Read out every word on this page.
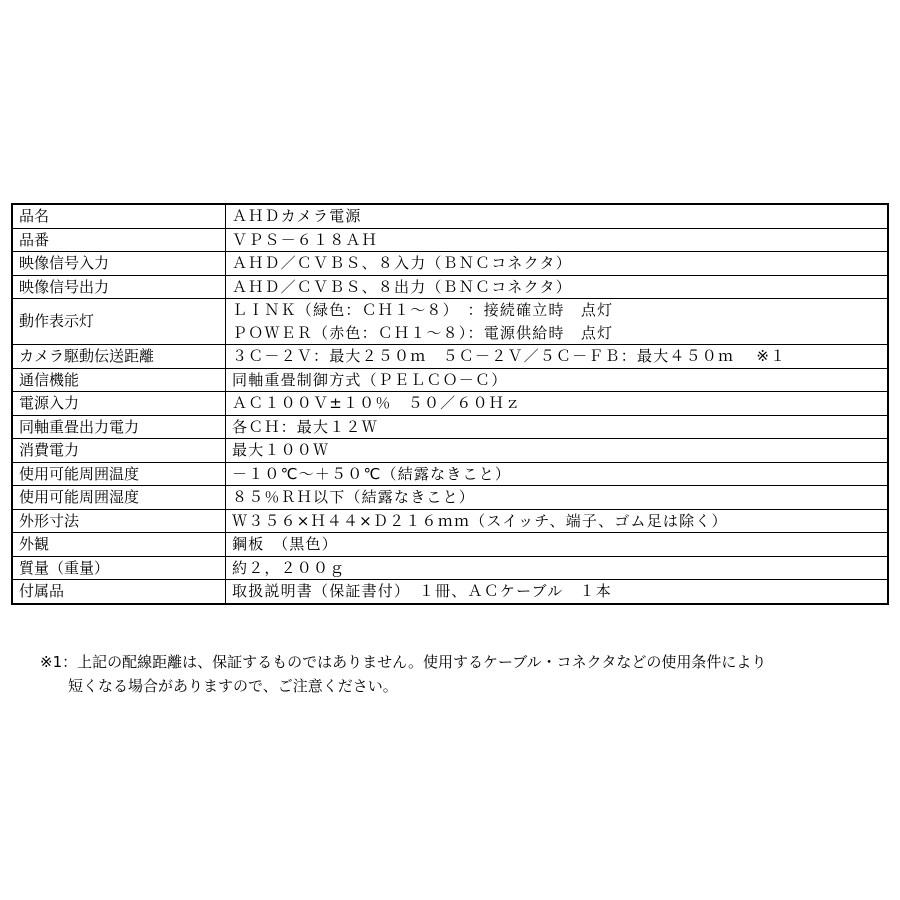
品名	ＡＨＤカメラ電源

品番	ＶＰＳ－６１８ＡＨ

映像信号入力	ＡＨＤ／ＣＶＢＳ、８入力（ＢＮＣコネクタ）

映像信号出力	ＡＨＤ／ＣＶＢＳ、８出力（ＢＮＣコネクタ）

動作表示灯	ＬＩＮＫ（緑色：ＣＨ１～８）　：接続確立時　点灯
ＰＯＷＥＲ（赤色：ＣＨ１～８）：電源供給時　点灯

カメラ駆動伝送距離	３Ｃ－２Ｖ：最大２５０ｍ　５Ｃ－２Ｖ／５Ｃ－ＦＢ：最大４５０ｍ　 ※１

通信機能	同軸重畳制御方式（ＰＥＬＣＯ－Ｃ）

電源入力	ＡＣ１００Ｖ±１０％　５０／６０Ｈｚ

同軸重畳出力電力	各ＣＨ：最大１２Ｗ

消費電力	最大１００Ｗ

使用可能周囲温度	－１０℃～＋５０℃（結露なきこと）

使用可能周囲湿度	８５％ＲＨ以下（結露なきこと）

外形寸法	Ｗ３５６×Ｈ４４×Ｄ２１６ｍｍ（スイッチ、端子、ゴム足は除く）

外観	鋼板　（黒色）

質量（重量）	約２，２００ｇ

付属品	取扱説明書（保証書付）　１冊、ＡＣケーブル　１本
※1：上記の配線距離は、保証するものではありません。使用するケーブル・コネクタなどの使用条件により
短くなる場合がありますので、ご注意ください。
